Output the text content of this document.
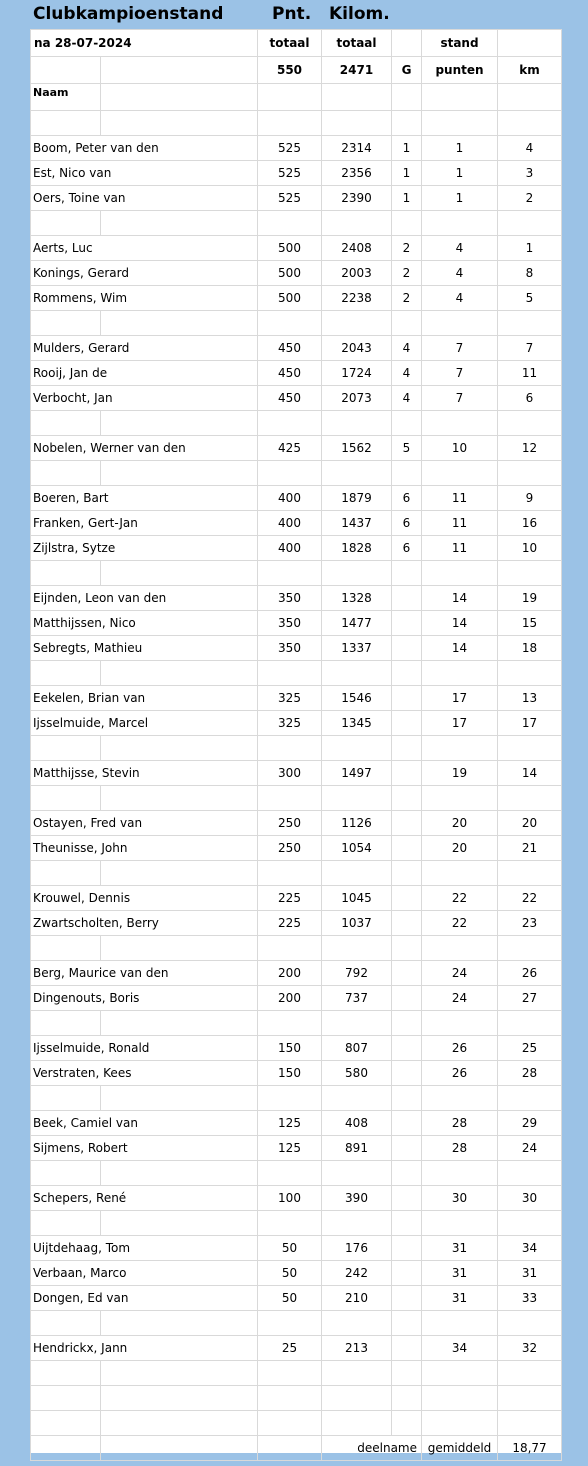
Clubkampioenstand	Pnt. Kilom.
na 28-07-2024		totaal	totaal		stand	
		550	2471	G	punten	km
Naam						

Boom, Peter van den		525	2314	1	1	4
Est, Nico van		525	2356	1	1	3
Oers, Toine van		525	2390	1	1	2

Aerts, Luc		500	2408	2	4	1
Konings, Gerard		500	2003	2	4	8
Rommens, Wim		500	2238	2	4	5

Mulders, Gerard		450	2043	4	7	7
Rooij, Jan de		450	1724	4	7	11
Verbocht, Jan		450	2073	4	7	6

Nobelen, Werner van den		425	1562	5	10	12

Boeren, Bart		400	1879	6	11	9
Franken, Gert-Jan		400	1437	6	11	16
Zijlstra, Sytze		400	1828	6	11	10

Eijnden, Leon van den		350	1328		14	19
Matthijssen, Nico		350	1477		14	15
Sebregts, Mathieu		350	1337		14	18

Eekelen, Brian van		325	1546		17	13
Ijsselmuide, Marcel		325	1345		17	17

Matthijsse, Stevin		300	1497		19	14

Ostayen, Fred van		250	1126		20	20
Theunisse, John		250	1054		20	21

Krouwel, Dennis		225	1045		22	22
Zwartscholten, Berry		225	1037		22	23

Berg, Maurice van den		200	792		24	26
Dingenouts, Boris		200	737		24	27

Ijsselmuide, Ronald		150	807		26	25
Verstraten, Kees		150	580		26	28

Beek, Camiel van		125	408		28	29
Sijmens, Robert		125	891		28	24

Schepers, René		100	390		30	30

Uijtdehaag, Tom		50	176		31	34
Verbaan, Marco		50	242		31	31
Dongen, Ed van		50	210		31	33

Hendrickx, Jann		25	213		34	32

			deelname		gemiddeld	18,77
